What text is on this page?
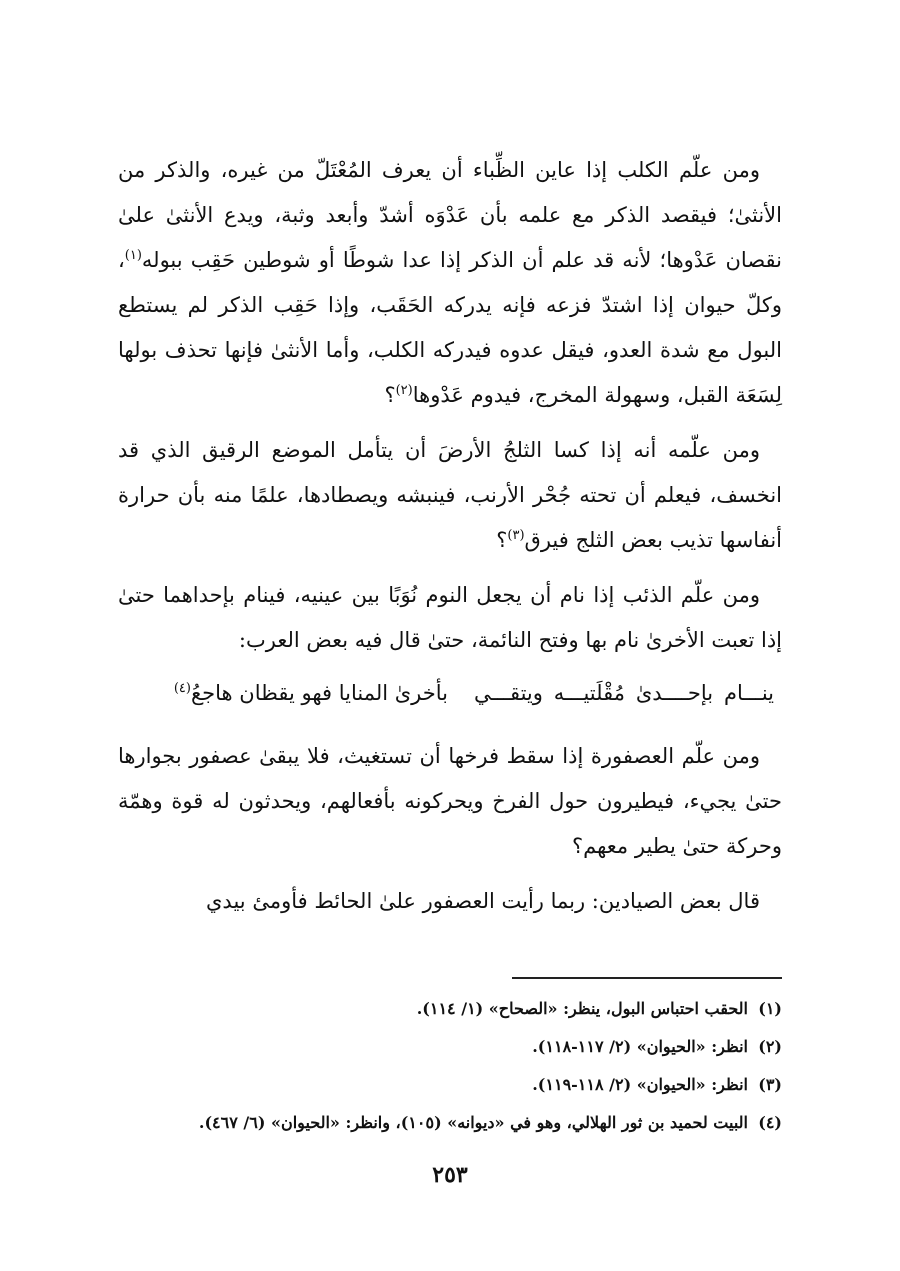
ومن علّم الكلب إذا عاين الظِّباء أن يعرف المُعْتَلّ من غيره، والذكر من الأنثىٰ؛ فيقصد الذكر مع علمه بأن عَدْوَه أشدّ وأبعد وثبة، ويدع الأنثىٰ علىٰ نقصان عَدْوها؛ لأنه قد علم أن الذكر إذا عدا شوطًا أو شوطين حَقِب ببوله$^{(١)}$، وكلّ حيوان إذا اشتدّ فزعه فإنه يدركه الحَقَب، وإذا حَقِب الذكر لم يستطع البول مع شدة العدو، فيقل عدوه فيدركه الكلب، وأما الأنثىٰ فإنها تحذف بولها لِسَعَة القبل، وسهولة المخرج، فيدوم عَدْوها$^{(٢)}$؟

ومن علّمه أنه إذا كسا الثلجُ الأرضَ أن يتأمل الموضع الرقيق الذي قد انخسف، فيعلم أن تحته جُحْر الأرنب، فينبشه ويصطادها، علمًا منه بأن حرارة أنفاسها تذيب بعض الثلج فيرق$^{(٣)}$؟

ومن علّم الذئب إذا نام أن يجعل النوم نُوَبًا بين عينيه، فينام بإحداهما حتىٰ إذا تعبت الأخرىٰ نام بها وفتح النائمة، حتىٰ قال فيه بعض العرب:

ينـــام بإحــــدىٰ مُقْلَتيـــه ويتقـــي
بأخرىٰ المنايا فهو يقظان هاجعُ$^{(٤)}$

ومن علّم العصفورة إذا سقط فرخها أن تستغيث، فلا يبقىٰ عصفور بجوارها حتىٰ يجيء، فيطيرون حول الفرخ ويحركونه بأفعالهم، ويحدثون له قوة وهمّة وحركة حتىٰ يطير معهم؟

قال بعض الصيادين: ربما رأيت العصفور علىٰ الحائط فأومئ بيدي

(١)الحقب احتباس البول، ينظر: «الصحاح» (١/ ١١٤).
(٢)انظر: «الحيوان» (٢/ ١١٧-١١٨).
(٣)انظر: «الحيوان» (٢/ ١١٨-١١٩).
(٤)البيت لحميد بن ثور الهلالي، وهو في «ديوانه» (١٠٥)، وانظر: «الحيوان» (٦/ ٤٦٧).
٢٥٣
